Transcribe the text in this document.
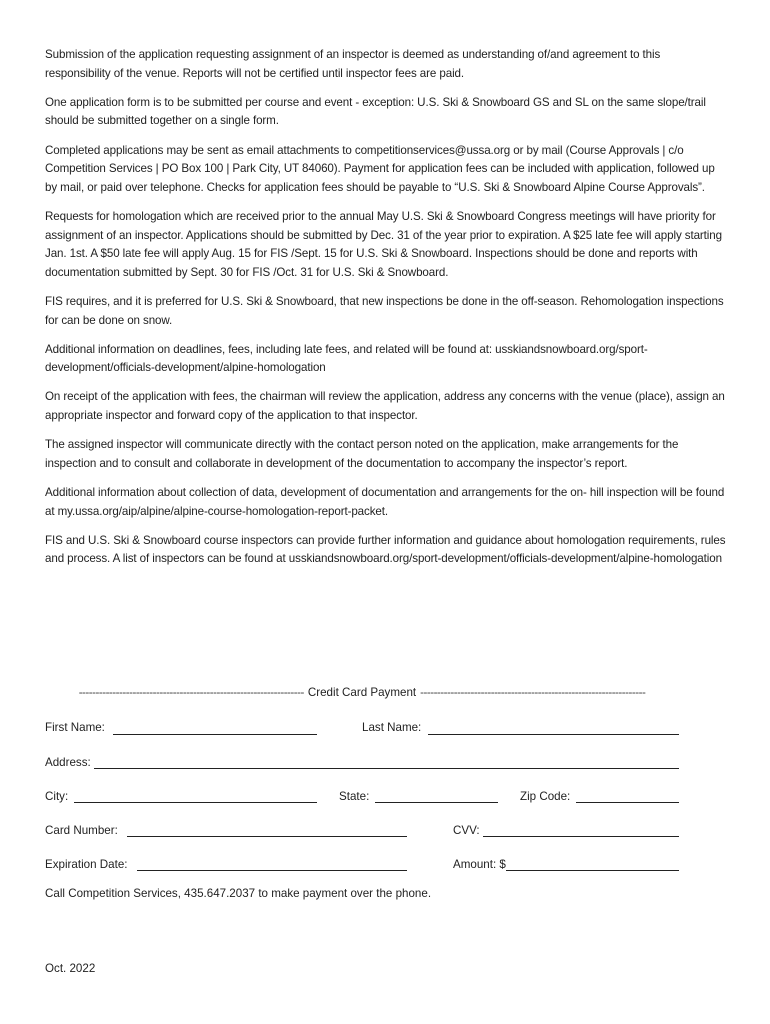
Submission of the application requesting assignment of an inspector is deemed as understanding of/and agreement to this responsibility of the venue. Reports will not be certified until inspector fees are paid.

One application form is to be submitted per course and event - exception: U.S. Ski & Snowboard GS and SL on the same slope/trail should be submitted together on a single form.

Completed applications may be sent as email attachments to competitionservices@ussa.org or by mail (Course Approvals | c/o Competition Services | PO Box 100 | Park City, UT 84060). Payment for application fees can be included with application, followed up by mail, or paid over telephone. Checks for application fees should be payable to “U.S. Ski & Snowboard Alpine Course Approvals”.

Requests for homologation which are received prior to the annual May U.S. Ski & Snowboard Congress meetings will have priority for assignment of an inspector. Applications should be submitted by Dec. 31 of the year prior to expiration. A $25 late fee will apply starting Jan. 1st. A $50 late fee will apply Aug. 15 for FIS /Sept. 15 for U.S. Ski & Snowboard. Inspections should be done and reports with documentation submitted by Sept. 30 for FIS /Oct. 31 for U.S. Ski & Snowboard.

FIS requires, and it is preferred for U.S. Ski & Snowboard, that new inspections be done in the off-season. Rehomologation inspections for can be done on snow.

Additional information on deadlines, fees, including late fees, and related will be found at: usskiandsnowboard.org/sport-development/officials-development/alpine-homologation

On receipt of the application with fees, the chairman will review the application, address any concerns with the venue (place), assign an appropriate inspector and forward copy of the application to that inspector.

The assigned inspector will communicate directly with the contact person noted on the application, make arrangements for the inspection and to consult and collaborate in development of the documentation to accompany the inspector’s report.

Additional information about collection of data, development of documentation and arrangements for the on- hill inspection will be found at my.ussa.org/aip/alpine/alpine-course-homologation-report-packet.

FIS and U.S. Ski & Snowboard course inspectors can provide further information and guidance about homologation requirements, rules and process. A list of inspectors can be found at usskiandsnowboard.org/sport-development/officials-development/alpine-homologation

------------------------------------------------------------------- Credit Card Payment -------------------------------------------------------------------
First Name:	Last Name:
Address:
City:	State:	Zip Code:
Card Number:	CVV:
Expiration Date:	Amount: $
Call Competition Services, 435.647.2037 to make payment over the phone.
Oct. 2022
